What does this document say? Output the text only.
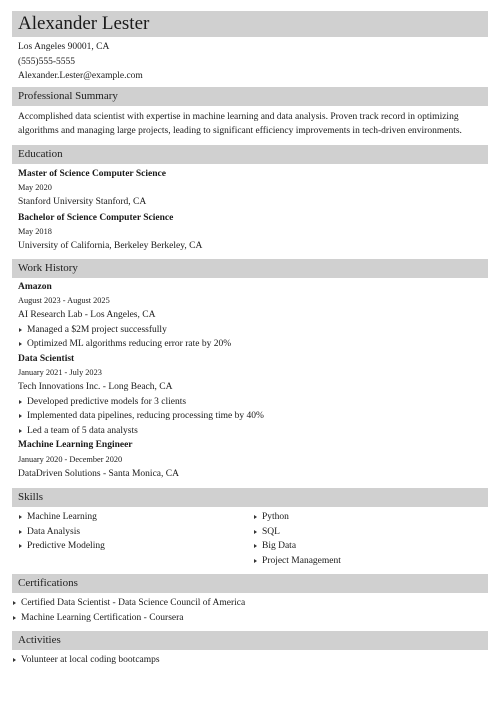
Alexander Lester
Los Angeles 90001, CA
(555)555-5555
Alexander.Lester@example.com
Professional Summary
Accomplished data scientist with expertise in machine learning and data analysis. Proven track record in optimizing algorithms and managing large projects, leading to significant efficiency improvements in tech-driven environments.
Education
Master of Science Computer Science
May 2020
Stanford University Stanford, CA
Bachelor of Science Computer Science
May 2018
University of California, Berkeley Berkeley, CA
Work History
Amazon
August 2023 - August 2025
AI Research Lab - Los Angeles, CA
Managed a $2M project successfully
Optimized ML algorithms reducing error rate by 20%
Data Scientist
January 2021 - July 2023
Tech Innovations Inc. - Long Beach, CA
Developed predictive models for 3 clients
Implemented data pipelines, reducing processing time by 40%
Led a team of 5 data analysts
Machine Learning Engineer
January 2020 - December 2020
DataDriven Solutions - Santa Monica, CA
Skills
Machine Learning
Data Analysis
Predictive Modeling
Python
SQL
Big Data
Project Management
Certifications
Certified Data Scientist - Data Science Council of America
Machine Learning Certification - Coursera
Activities
Volunteer at local coding bootcamps
